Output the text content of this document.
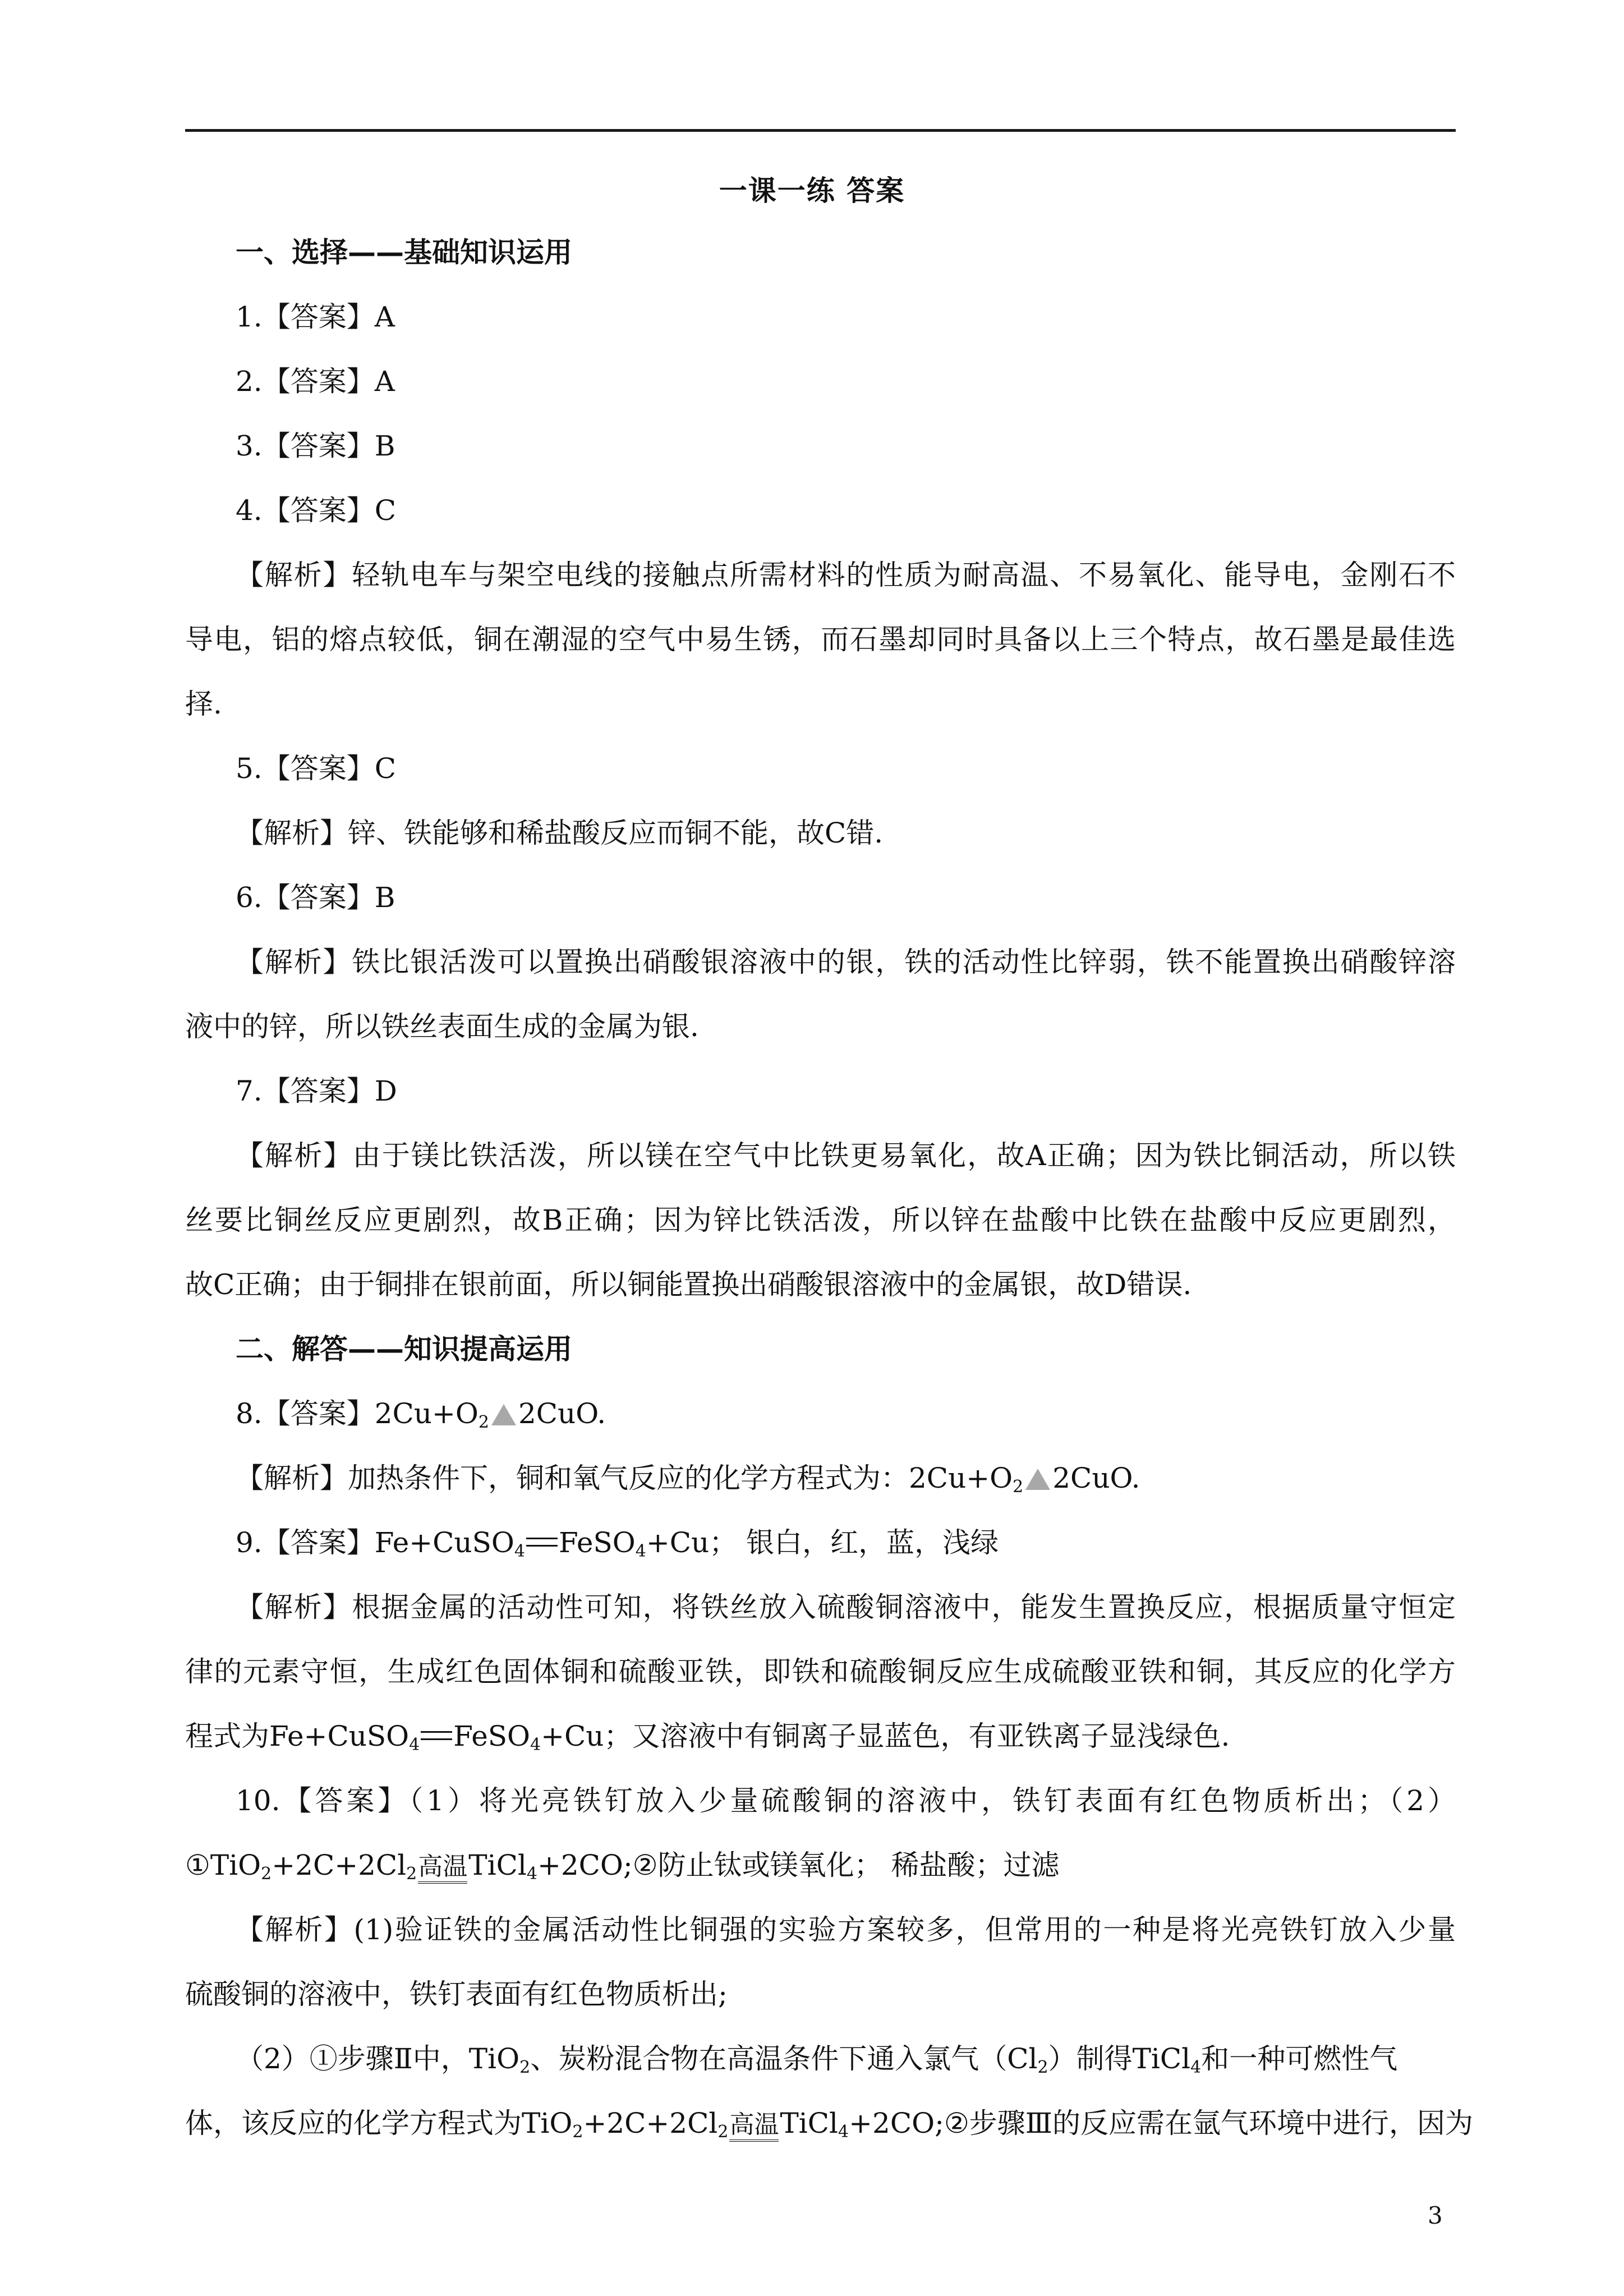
一课一练 答案
一、选择——基础知识运用
1.【答案】A
2.【答案】A
3.【答案】B
4.【答案】C
【解析】轻轨电车与架空电线的接触点所需材料的性质为耐高温、不易氧化、能导电，金刚石不
导电，铝的熔点较低，铜在潮湿的空气中易生锈，而石墨却同时具备以上三个特点，故石墨是最佳选
择.
5.【答案】C
【解析】锌、铁能够和稀盐酸反应而铜不能，故C错.
6.【答案】B
【解析】铁比银活泼可以置换出硝酸银溶液中的银，铁的活动性比锌弱，铁不能置换出硝酸锌溶
液中的锌，所以铁丝表面生成的金属为银.
7.【答案】D
【解析】由于镁比铁活泼，所以镁在空气中比铁更易氧化，故A正确；因为铁比铜活动，所以铁
丝要比铜丝反应更剧烈，故B正确；因为锌比铁活泼，所以锌在盐酸中比铁在盐酸中反应更剧烈，
故C正确；由于铜排在银前面，所以铜能置换出硝酸银溶液中的金属银，故D错误.
二、解答——知识提高运用
8.【答案】$2Cu+O_2$ 2CuO.
【解析】加热条件下，铜和氧气反应的化学方程式为：$2Cu+O_2$ 2CuO.
9.【答案】Fe+CuSO$_4$ FeSO$_4$+Cu； 银白，红，蓝，浅绿
【解析】根据金属的活动性可知，将铁丝放入硫酸铜溶液中，能发生置换反应，根据质量守恒定
律的元素守恒，生成红色固体铜和硫酸亚铁，即铁和硫酸铜反应生成硫酸亚铁和铜，其反应的化学方
程式为Fe+CuSO$_4$ FeSO$_4$+Cu；又溶液中有铜离子显蓝色，有亚铁离子显浅绿色.
10.【答案】（1）将光亮铁钉放入少量硫酸铜的溶液中，铁钉表面有红色物质析出；（2）
$①TiO_2+2C+2Cl_2$高温TiCl$_4$+2CO;②防止钛或镁氧化； 稀盐酸；过滤
【解析】(1)验证铁的金属活动性比铜强的实验方案较多，但常用的一种是将光亮铁钉放入少量
硫酸铜的溶液中，铁钉表面有红色物质析出;
（2）①步骤Ⅱ中，TiO$_2$、炭粉混合物在高温条件下通入氯气$(Cl_2)$制得TiCl$_4$和一种可燃性气
体，该反应的化学方程式为$TiO_2+2C+2Cl_2$高温TiCl$_4$+2CO;②步骤Ⅲ的反应需在氩气环境中进行，因为
3
